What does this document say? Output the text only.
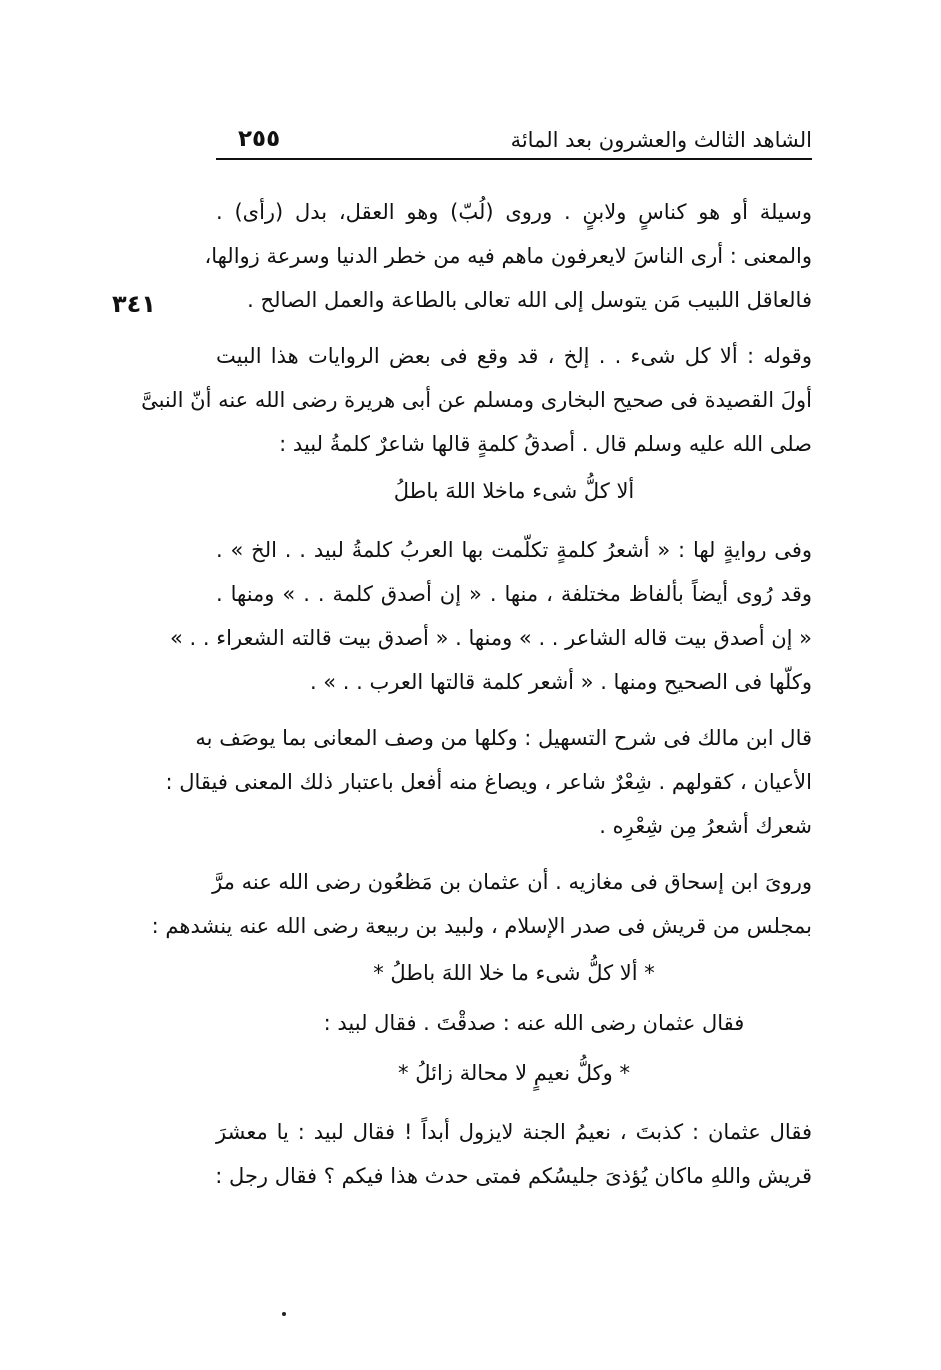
الشاهد الثالث والعشرون بعد المائة
٢٥٥
٣٤١
وسيلة أو هو كناسٍ ولابنٍ . وروى (لُبّ) وهو العقل، بدل (رأى) .
والمعنى : أرى الناسَ لايعرفون ماهم فيه من خطر الدنيا وسرعة زوالها،
فالعاقل اللبيب مَن يتوسل إلى الله تعالى بالطاعة والعمل الصالح .
وقوله : ألا كل شىء . . إلخ ، قد وقع فى بعض الروايات هذا البيت
أولَ القصيدة فى صحيح البخارى ومسلم عن أبى هريرة رضى الله عنه أنّ النبىَّ
صلى الله عليه وسلم قال . أصدقُ كلمةٍ قالها شاعرٌ كلمةُ لبيد :
ألا كلُّ شىء ماخلا اللهَ باطلُ
وفى روايةٍ لها : « أشعرُ كلمةٍ تكلّمت بها العربُ كلمةُ لبيد . . الخ » .
وقد رُوى أيضاً بألفاظ مختلفة ، منها . « إن أصدق كلمة . . » ومنها .
« إن أصدق بيت قاله الشاعر . . » ومنها . « أصدق بيت قالته الشعراء . . »
وكلّها فى الصحيح ومنها . « أشعر كلمة قالتها العرب . . » .
قال ابن مالك فى شرح التسهيل : وكلها من وصف المعانى بما يوصَف به
الأعيان ، كقولهم . شِعْرٌ شاعر ، ويصاغ منه أفعل باعتبار ذلك المعنى فيقال :
شعرك أشعرُ مِن شِعْرِه .
وروىَ ابن إسحاق فى مغازيه . أن عثمان بن مَظعُون رضى الله عنه مرَّ
بمجلس من قريش فى صدر الإسلام ، ولبيد بن ربيعة رضى الله عنه ينشدهم :
* ألا كلُّ شىء ما خلا اللهَ باطلُ *
فقال عثمان رضى الله عنه : صدقْتَ . فقال لبيد :
* وكلُّ نعيمٍ لا محالة زائلُ *
فقال عثمان : كذبتَ ، نعيمُ الجنة لايزول أبداً ! فقال لبيد : يا معشرَ
قريش واللهِ ماكان يُؤذىَ جليسُكم فمتى حدث هذا فيكم ؟ فقال رجل :
